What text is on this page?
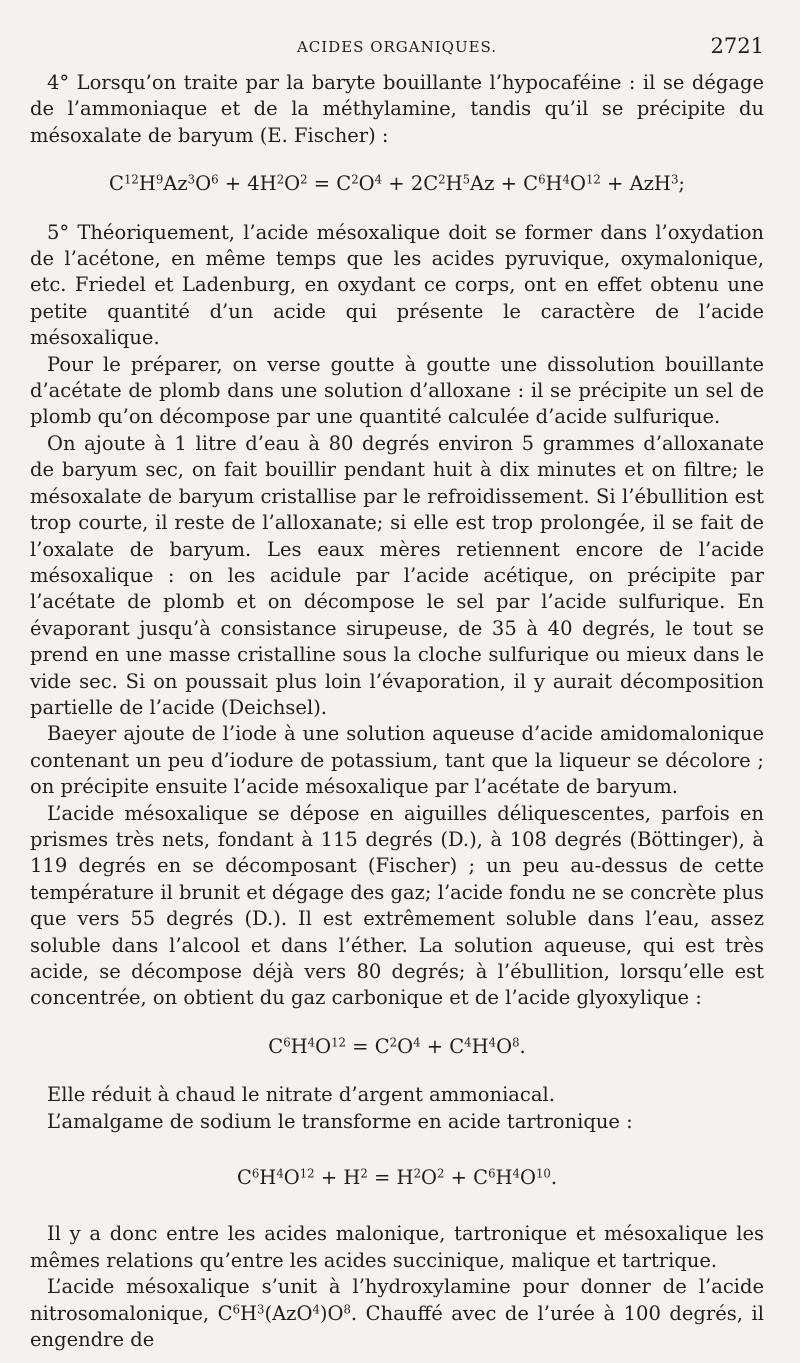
ACIDES ORGANIQUES.	2721

4° Lorsqu’on traite par la baryte bouillante l’hypocaféine : il se dégage de l’ammoniaque et de la méthylamine, tandis qu’il se précipite du mésoxalate de baryum (E. Fischer) :

$C^{12}H^9Az^3O^6 + 4H^2O^2 = C^2O^4 + 2C^2H^5Az + C^6H^4O^{12} + AzH^3$;

5° Théoriquement, l’acide mésoxalique doit se former dans l’oxydation de l’acétone, en même temps que les acides pyruvique, oxymalonique, etc. Friedel et Ladenburg, en oxydant ce corps, ont en effet obtenu une petite quantité d’un acide qui présente le caractère de l’acide mésoxalique.

Pour le préparer, on verse goutte à goutte une dissolution bouillante d’acétate de plomb dans une solution d’alloxane : il se précipite un sel de plomb qu’on décompose par une quantité calculée d’acide sulfurique.

On ajoute à 1 litre d’eau à 80 degrés environ 5 grammes d’alloxanate de baryum sec, on fait bouillir pendant huit à dix minutes et on filtre; le mésoxalate de baryum cristallise par le refroidissement. Si l’ébullition est trop courte, il reste de l’alloxanate; si elle est trop prolongée, il se fait de l’oxalate de baryum. Les eaux mères retiennent encore de l’acide mésoxalique : on les acidule par l’acide acétique, on précipite par l’acétate de plomb et on décompose le sel par l’acide sulfurique. En évaporant jusqu’à consistance sirupeuse, de 35 à 40 degrés, le tout se prend en une masse cristalline sous la cloche sulfurique ou mieux dans le vide sec. Si on poussait plus loin l’évaporation, il y aurait décomposition partielle de l’acide (Deichsel).

Baeyer ajoute de l’iode à une solution aqueuse d’acide amidomalonique contenant un peu d’iodure de potassium, tant que la liqueur se décolore ; on précipite ensuite l’acide mésoxalique par l’acétate de baryum.

L’acide mésoxalique se dépose en aiguilles déliquescentes, parfois en prismes très nets, fondant à 115 degrés (D.), à 108 degrés (Böttinger), à 119 degrés en se décomposant (Fischer) ; un peu au-dessus de cette température il brunit et dégage des gaz; l’acide fondu ne se concrète plus que vers 55 degrés (D.). Il est extrêmement soluble dans l’eau, assez soluble dans l’alcool et dans l’éther. La solution aqueuse, qui est très acide, se décompose déjà vers 80 degrés; à l’ébullition, lorsqu’elle est concentrée, on obtient du gaz carbonique et de l’acide glyoxylique :

$C^6H^4O^{12} = C^2O^4 + C^4H^4O^8$.

Elle réduit à chaud le nitrate d’argent ammoniacal.

L’amalgame de sodium le transforme en acide tartronique :

$C^6H^4O^{12} + H^2 = H^2O^2 + C^6H^4O^{10}$.

Il y a donc entre les acides malonique, tartronique et mésoxalique les mêmes relations qu’entre les acides succinique, malique et tartrique.

L’acide mésoxalique s’unit à l’hydroxylamine pour donner de l’acide nitrosomalonique, $C^6H^3(AzO^4)O^8$. Chauffé avec de l’urée à 100 degrés, il engendre de
